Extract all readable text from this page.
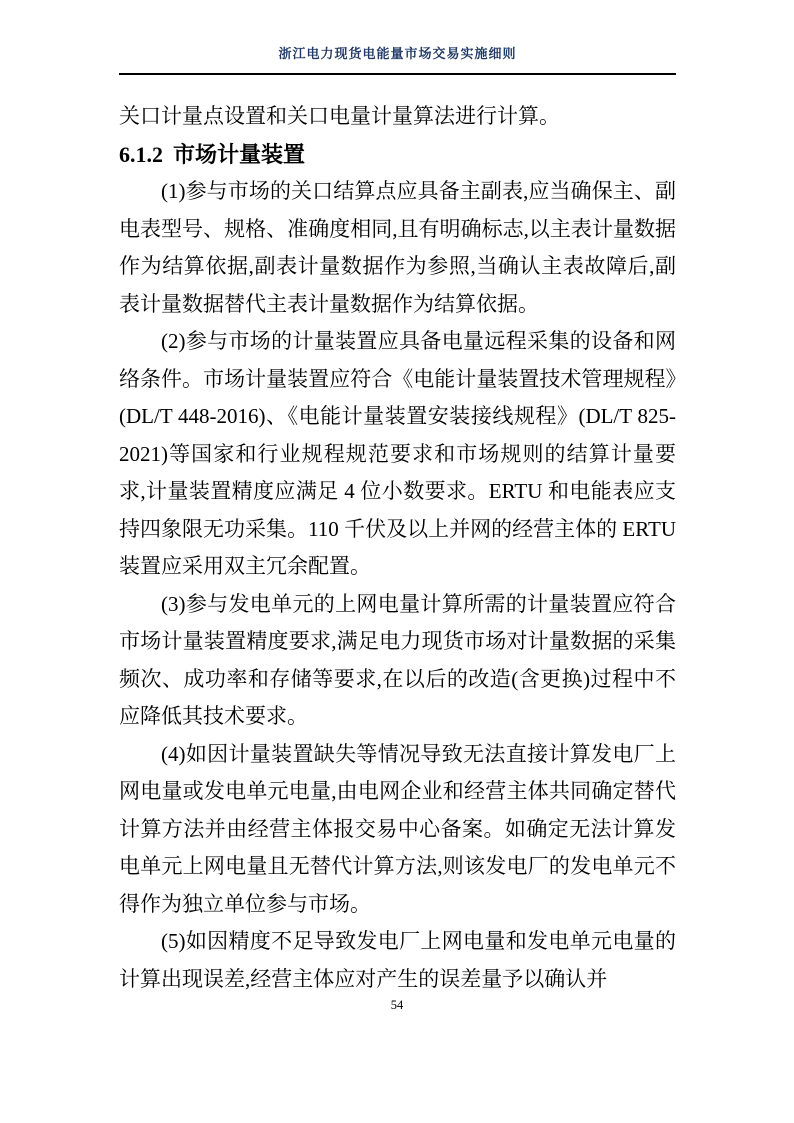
浙江电力现货电能量市场交易实施细则

关口计量点设置和关口电量计量算法进行计算。

6.1.2 市场计量装置

(1)参与市场的关口结算点应具备主副表,应当确保主、副电表型号、规格、准确度相同,且有明确标志,以主表计量数据作为结算依据,副表计量数据作为参照,当确认主表故障后,副表计量数据替代主表计量数据作为结算依据。

(2)参与市场的计量装置应具备电量远程采集的设备和网络条件。市场计量装置应符合《电能计量装置技术管理规程》(DL/T 448-2016)、《电能计量装置安装接线规程》(DL/T 825-2021)等国家和行业规程规范要求和市场规则的结算计量要求,计量装置精度应满足 4 位小数要求。ERTU 和电能表应支持四象限无功采集。110 千伏及以上并网的经营主体的 ERTU 装置应采用双主冗余配置。

(3)参与发电单元的上网电量计算所需的计量装置应符合市场计量装置精度要求,满足电力现货市场对计量数据的采集频次、成功率和存储等要求,在以后的改造(含更换)过程中不应降低其技术要求。

(4)如因计量装置缺失等情况导致无法直接计算发电厂上网电量或发电单元电量,由电网企业和经营主体共同确定替代计算方法并由经营主体报交易中心备案。如确定无法计算发电单元上网电量且无替代计算方法,则该发电厂的发电单元不得作为独立单位参与市场。

(5)如因精度不足导致发电厂上网电量和发电单元电量的计算出现误差,经营主体应对产生的误差量予以确认并

54
